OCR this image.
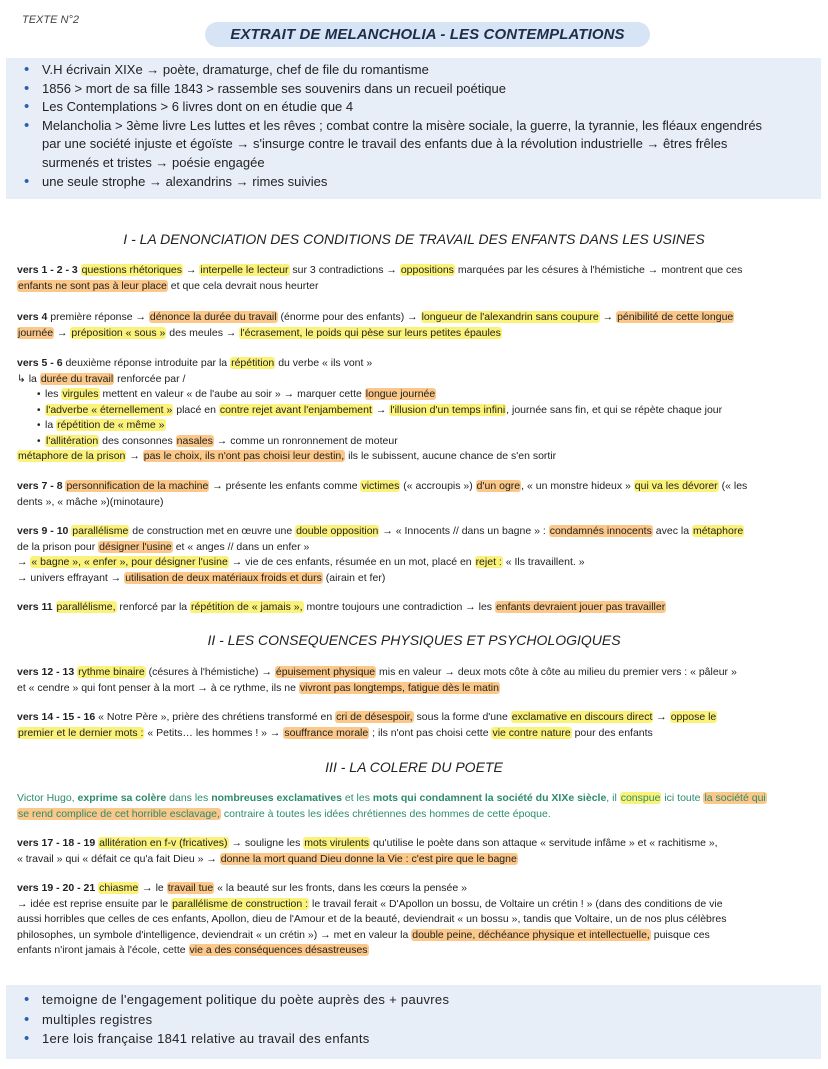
TEXTE N°2
EXTRAIT DE MELANCHOLIA - LES CONTEMPLATIONS
• V.H écrivain XIXe → poète, dramaturge, chef de file du romantisme
• 1856 > mort de sa fille 1843 > rassemble ses souvenirs dans un recueil poétique
• Les Contemplations > 6 livres dont on en étudie que 4
• Melancholia > 3ème livre Les luttes et les rêves ; combat contre la misère sociale, la guerre, la tyrannie, les fléaux engendrés
par une société injuste et égoïste → s'insurge contre le travail des enfants due à la révolution industrielle → êtres frêles
surmenés et tristes → poésie engagée
• une seule strophe → alexandrins → rimes suivies
I - LA DENONCIATION DES CONDITIONS DE TRAVAIL DES ENFANTS DANS LES USINES
vers 1 - 2 - 3 questions rhétoriques → interpelle le lecteur sur 3 contradictions → oppositions marquées par les césures à l'hémistiche → montrent que ces
enfants ne sont pas à leur place et que cela devrait nous heurter
vers 4 première réponse → dénonce la durée du travail (énorme pour des enfants) → longueur de l'alexandrin sans coupure → pénibilité de cette longue
journée → préposition « sous » des meules → l'écrasement, le poids qui pèse sur leurs petites épaules
vers 5 - 6 deuxième réponse introduite par la répétition du verbe « ils vont »
↳ la durée du travail renforcée par /
• les virgules mettent en valeur « de l'aube au soir » → marquer cette longue journée
• l'adverbe « éternellement » placé en contre rejet avant l'enjambement → l'illusion d'un temps infini, journée sans fin, et qui se répète chaque jour
• la répétition de « même »
• l'allitération des consonnes nasales → comme un ronronnement de moteur
métaphore de la prison → pas le choix, ils n'ont pas choisi leur destin, ils le subissent, aucune chance de s'en sortir
vers 7 - 8 personnification de la machine → présente les enfants comme victimes (« accroupis ») d'un ogre, « un monstre hideux » qui va les dévorer (« les
dents », « mâche »)(minotaure)
vers 9 - 10 parallélisme de construction met en œuvre une double opposition → « Innocents // dans un bagne » : condamnés innocents avec la métaphore
de la prison pour désigner l'usine et « anges // dans un enfer »
→ « bagne », « enfer », pour désigner l'usine → vie de ces enfants, résumée en un mot, placé en rejet : « Ils travaillent. »
→ univers effrayant → utilisation de deux matériaux froids et durs (airain et fer)
vers 11 parallélisme, renforcé par la répétition de « jamais », montre toujours une contradiction → les enfants devraient jouer pas travailler
II - LES CONSEQUENCES PHYSIQUES ET PSYCHOLOGIQUES
vers 12 - 13 rythme binaire (césures à l'hémistiche) → épuisement physique mis en valeur → deux mots côte à côte au milieu du premier vers : « pâleur »
et « cendre » qui font penser à la mort → à ce rythme, ils ne vivront pas longtemps, fatigue dès le matin
vers 14 - 15 - 16 « Notre Père », prière des chrétiens transformé en cri de désespoir, sous la forme d'une exclamative en discours direct → oppose le
premier et le dernier mots : « Petits… les hommes ! » → souffrance morale ; ils n'ont pas choisi cette vie contre nature pour des enfants
III - LA COLERE DU POETE
Victor Hugo, exprime sa colère dans les nombreuses exclamatives et les mots qui condamnent la société du XIXe siècle, il conspue ici toute la société qui
se rend complice de cet horrible esclavage, contraire à toutes les idées chrétiennes des hommes de cette époque.
vers 17 - 18 - 19 allitération en f-v (fricatives) → souligne les mots virulents qu'utilise le poète dans son attaque « servitude infâme » et « rachitisme »,
« travail » qui « défait ce qu'a fait Dieu » → donne la mort quand Dieu donne la Vie : c'est pire que le bagne
vers 19 - 20 - 21 chiasme → le travail tue « la beauté sur les fronts, dans les cœurs la pensée »
→ idée est reprise ensuite par le parallélisme de construction : le travail ferait « D'Apollon un bossu, de Voltaire un crétin ! » (dans des conditions de vie
aussi horribles que celles de ces enfants, Apollon, dieu de l'Amour et de la beauté, deviendrait « un bossu », tandis que Voltaire, un de nos plus célèbres
philosophes, un symbole d'intelligence, deviendrait « un crétin ») → met en valeur la double peine, déchéance physique et intellectuelle, puisque ces
enfants n'iront jamais à l'école, cette vie a des conséquences désastreuses
• temoigne de l'engagement politique du poète auprès des + pauvres
• multiples registres
• 1ere lois française 1841 relative au travail des enfants
